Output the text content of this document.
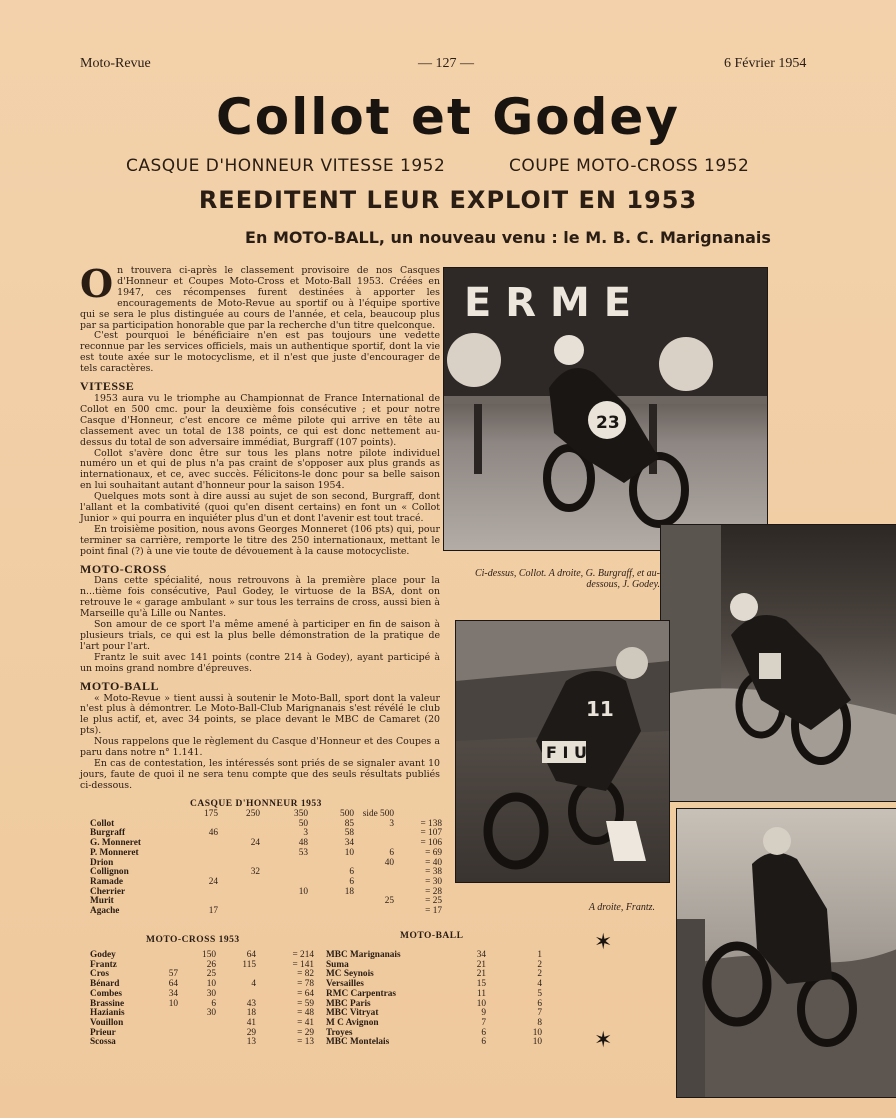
Moto-Revue	— 127 —	6 Février 1954
Collot et Godey
CASQUE D'HONNEUR VITESSE 1952	COUPE MOTO-CROSS 1952
REEDITENT LEUR EXPLOIT EN 1953
En MOTO-BALL, un nouveau venu : le M. B. C. Marignanais

On trouvera ci-après le classement provisoire de nos Casques d'Honneur et Coupes Moto-Cross et Moto-Ball 1953. Créées en 1947, ces récompenses furent destinées à apporter les encouragements de Moto-Revue au sportif ou à l'équipe sportive qui se sera le plus distinguée au cours de l'année, et cela, beaucoup plus par sa participation honorable que par la recherche d'un titre quelconque.

C'est pourquoi le bénéficiaire n'en est pas toujours une vedette reconnue par les services officiels, mais un authentique sportif, dont la vie est toute axée sur le motocyclisme, et il n'est que juste d'encourager de tels caractères.

VITESSE

1953 aura vu le triomphe au Championnat de France International de Collot en 500 cmc. pour la deuxième fois consécutive ; et pour notre Casque d'Honneur, c'est encore ce même pilote qui arrive en tête au classement avec un total de 138 points, ce qui est donc nettement au-dessus du total de son adversaire immédiat, Burgraff (107 points).

Collot s'avère donc être sur tous les plans notre pilote individuel numéro un et qui de plus n'a pas craint de s'opposer aux plus grands as internationaux, et ce, avec succès. Félicitons-le donc pour sa belle saison en lui souhaitant autant d'honneur pour la saison 1954.

Quelques mots sont à dire aussi au sujet de son second, Burgraff, dont l'allant et la combativité (quoi qu'en disent certains) en font un « Collot Junior » qui pourra en inquiéter plus d'un et dont l'avenir est tout tracé.

En troisième position, nous avons Georges Monneret (106 pts) qui, pour terminer sa carrière, remporte le titre des 250 internationaux, mettant le point final (?) à une vie toute de dévouement à la cause motocycliste.

MOTO-CROSS

Dans cette spécialité, nous retrouvons à la première place pour la n...tième fois consécutive, Paul Godey, le virtuose de la BSA, dont on retrouve le « garage ambulant » sur tous les terrains de cross, aussi bien à Marseille qu'à Lille ou Nantes.

Son amour de ce sport l'a même amené à participer en fin de saison à plusieurs trials, ce qui est la plus belle démonstration de la pratique de l'art pour l'art.

Frantz le suit avec 141 points (contre 214 à Godey), ayant participé à un moins grand nombre d'épreuves.

MOTO-BALL

« Moto-Revue » tient aussi à soutenir le Moto-Ball, sport dont la valeur n'est plus à démontrer. Le Moto-Ball-Club Marignanais s'est révélé le club le plus actif, et, avec 34 points, se place devant le MBC de Camaret (20 pts).

Nous rappelons que le règlement du Casque d'Honneur et des Coupes a paru dans notre n° 1.141.

En cas de contestation, les intéressés sont priés de se signaler avant 10 jours, faute de quoi il ne sera tenu compte que des seuls résultats publiés ci-dessous.

CASQUE D'HONNEUR 1953
	175	250	350	500	side 500	
Collot			50	85	3	= 138
Burgraff	46		3	58		= 107
G. Monneret		24	48	34		= 106
P. Monneret			53	10	6	= 69
Drion					40	= 40
Collignon		32		6		= 38
Ramade	24			6		= 30
Cherrier			10	18		= 28
Murit					25	= 25
Agache	17					= 17
MOTO-CROSS 1953
Godey		150	64	= 214
Frantz		26	115	= 141
Cros	57	25		= 82
Bénard	64	10	4	= 78
Combes	34	30		= 64
Brassine	10	6	43	= 59
Hazianis		30	18	= 48
Vouillon			41	= 41
Prieur			29	= 29
Scossa			13	= 13
MOTO-BALL
MBC Marignanais	34	1
Suma	21	2
MC Seynois	21	2
Versailles	15	4
RMC Carpentras	11	5
MBC Paris	10	6
MBC Vitryat	9	7
M C Avignon	7	8
Troyes	6	10
MBC Montelais	6	10
E R M E
23
Ci-dessus, Collot. A droite, G. Burgraff, et au-dessous, J. Godey.
11
F I U
A droite, Frantz.
✶
✶
